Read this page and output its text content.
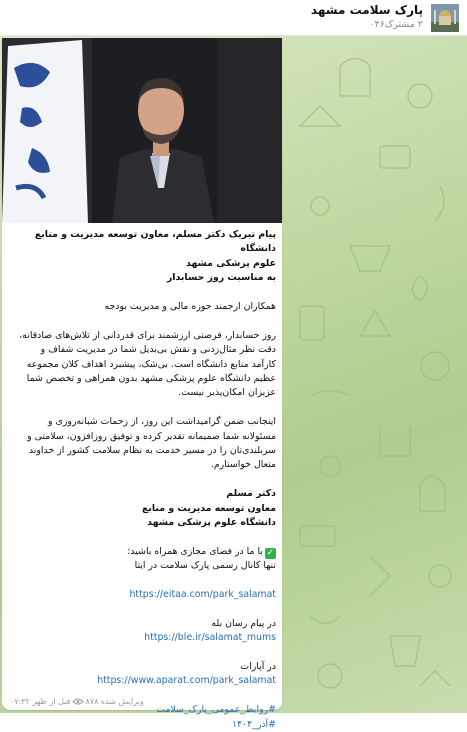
پارک سلامت مشهد
۲ مشترک۰۴۶

پیام تبریک دکتر مسلم، معاون توسعه مدیریت و منابع دانشگاه

علوم پزشکی مشهد

به مناسبت روز حسابدار

همکاران ارجمند حوزه مالی و مدیریت بودجه

روز حسابدار، فرصتی ارزشمند برای قدردانی از تلاش‌های صادقانه،

دقت نظر مثال‌زدنی و نقش بی‌بدیل شما در مدیریت شفاف و

کارآمد منابع دانشگاه است. بی‌شک، پیشبرد اهداف کلان مجموعه

عظیم دانشگاه علوم پزشکی مشهد بدون همراهی و تخصص شما

عزیزان امکان‌پذیر نیست.

اینجانب ضمن گرامیداشت این روز، از زحمات شبانه‌روزی و

مسئولانه شما صمیمانه تقدیر کرده و توفیق روزافزون، سلامتی و

سربلندی‌تان را در مسیر خدمت به نظام سلامت کشور از خداوند

متعال خواستارم.

دکتر مسلم

معاون توسعه مدیریت و منابع

دانشگاه علوم پزشکی مشهد

✓با ما در فضای مجازی همراه باشید:

تنها کانال رسمی پارک سلامت در ایتا

https://eitaa.com/park_salamat

در پیام رسان بله

https://ble.ir/salamat_mums

در آپارات

https://www.aparat.com/park_salamat

#روابط_عمومی_پارک_سلامت

#آذر_۱۴۰۴

ویرایش شده ۸۷۸  قبل از ظهر ۰۷:۳۲
